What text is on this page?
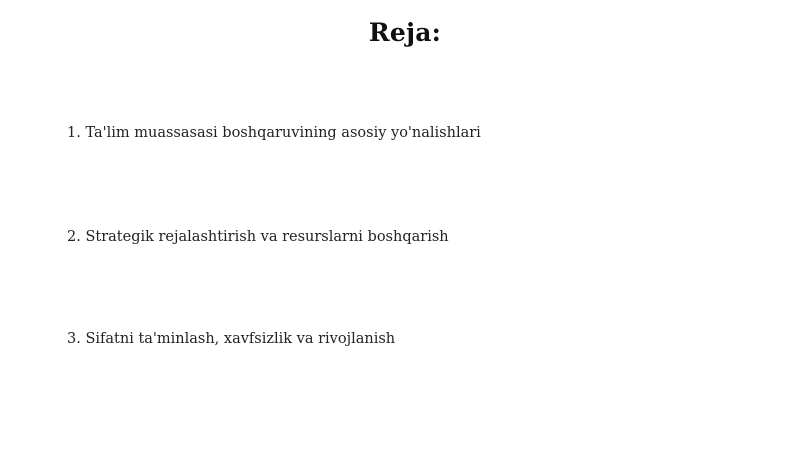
Reja:
1. Ta'lim muassasasi boshqaruvining asosiy yo'nalishlari
2. Strategik rejalashtirish va resurslarni boshqarish
3. Sifatni ta'minlash, xavfsizlik va rivojlanish
